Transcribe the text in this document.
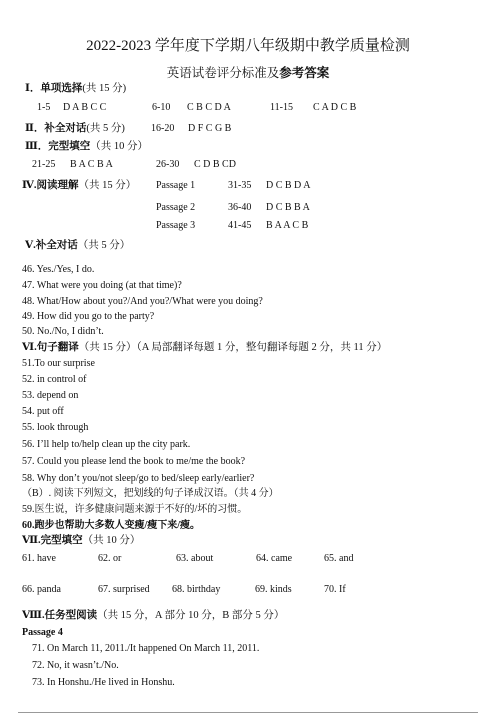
2022-2023 学年度下学期八年级期中教学质量检测
英语试卷评分标准及参考答案
Ⅰ．单项选择(共 15 分)
1-5 D A B C C	6-10 C B C D A	11-15 C A D C B
Ⅱ．补全对话(共 5 分)	16-20 D F C G B
Ⅲ．完型填空（共 10 分）
21-25 B A C B A	26-30 C D B CD
Ⅳ.阅读理解（共 15 分） Passage 1	31-35 D C B D A
Passage 2	36-40 D C B B A
Passage 3	41-45 B A A C B
Ⅴ.补全对话（共 5 分）
46. Yes./Yes, I do.
47. What were you doing (at that time)?
48. What/How about you?/And you?/What were you doing?
49. How did you go to the party?
50. No./No, I didn’t.
Ⅵ.句子翻译（共 15 分）（A 局部翻译每题 1 分，整句翻译每题 2 分，共 11 分）
51.To our surprise
52. in control of
53. depend on
54. put off
55. look through
56. I’ll help to/help clean up the city park.
57. Could you please lend the book to me/me the book?
58. Why don’t you/not sleep/go to bed/sleep early/earlier?
（B）. 阅读下列短文，把划线的句子译成汉语。（共 4 分）
59.医生说，许多健康问题来源于不好的/坏的习惯。
60.跑步也帮助大多数人变瘦/瘦下来/瘦。
Ⅶ.完型填空（共 10 分）
61. have	62. or	63. about	64. came	65. and
66. panda	67. surprised 68. birthday	69. kinds	70. If
Ⅷ.任务型阅读（共 15 分，A 部分 10 分，B 部分 5 分）
Passage 4
71. On March 11, 2011./It happened On March 11, 2011.
72. No, it wasn’t./No.
73. In Honshu./He lived in Honshu.
